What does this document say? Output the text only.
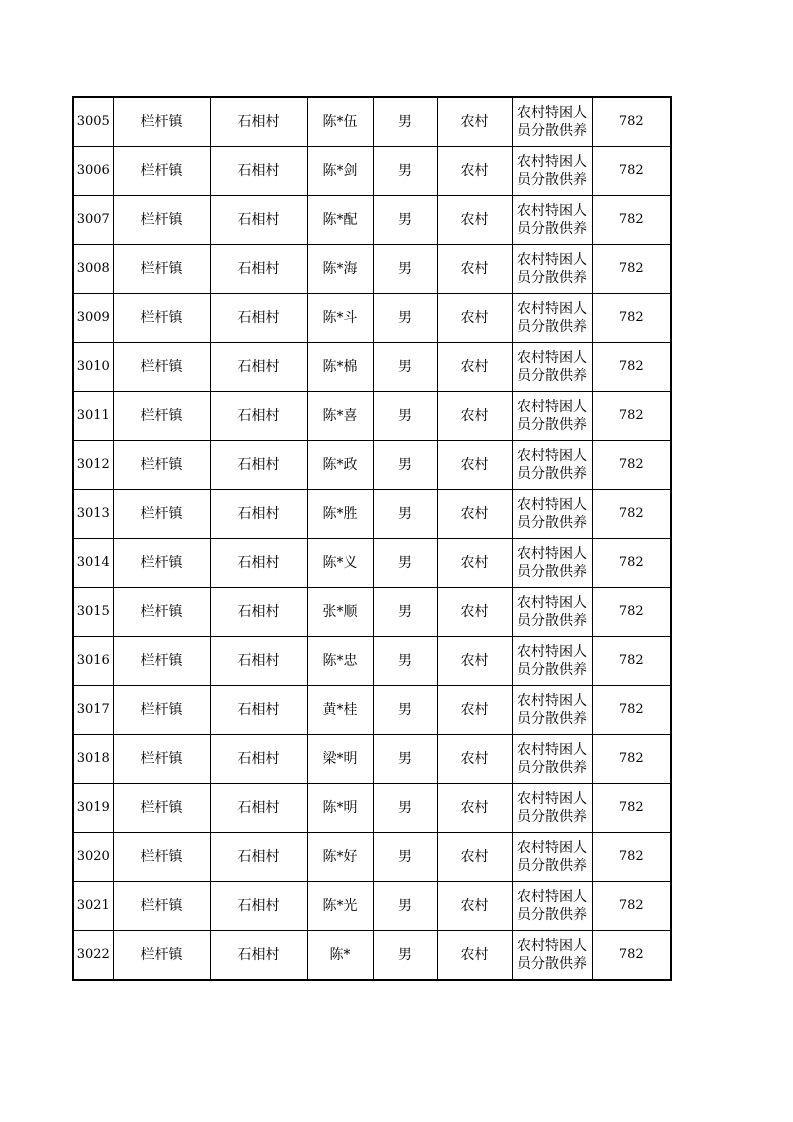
3005	栏杆镇	石相村	陈*伍	男	农村	农村特困人员分散供养	782
3006	栏杆镇	石相村	陈*剑	男	农村	农村特困人员分散供养	782
3007	栏杆镇	石相村	陈*配	男	农村	农村特困人员分散供养	782
3008	栏杆镇	石相村	陈*海	男	农村	农村特困人员分散供养	782
3009	栏杆镇	石相村	陈*斗	男	农村	农村特困人员分散供养	782
3010	栏杆镇	石相村	陈*棉	男	农村	农村特困人员分散供养	782
3011	栏杆镇	石相村	陈*喜	男	农村	农村特困人员分散供养	782
3012	栏杆镇	石相村	陈*政	男	农村	农村特困人员分散供养	782
3013	栏杆镇	石相村	陈*胜	男	农村	农村特困人员分散供养	782
3014	栏杆镇	石相村	陈*义	男	农村	农村特困人员分散供养	782
3015	栏杆镇	石相村	张*顺	男	农村	农村特困人员分散供养	782
3016	栏杆镇	石相村	陈*忠	男	农村	农村特困人员分散供养	782
3017	栏杆镇	石相村	黄*桂	男	农村	农村特困人员分散供养	782
3018	栏杆镇	石相村	梁*明	男	农村	农村特困人员分散供养	782
3019	栏杆镇	石相村	陈*明	男	农村	农村特困人员分散供养	782
3020	栏杆镇	石相村	陈*好	男	农村	农村特困人员分散供养	782
3021	栏杆镇	石相村	陈*光	男	农村	农村特困人员分散供养	782
3022	栏杆镇	石相村	陈*	男	农村	农村特困人员分散供养	782
